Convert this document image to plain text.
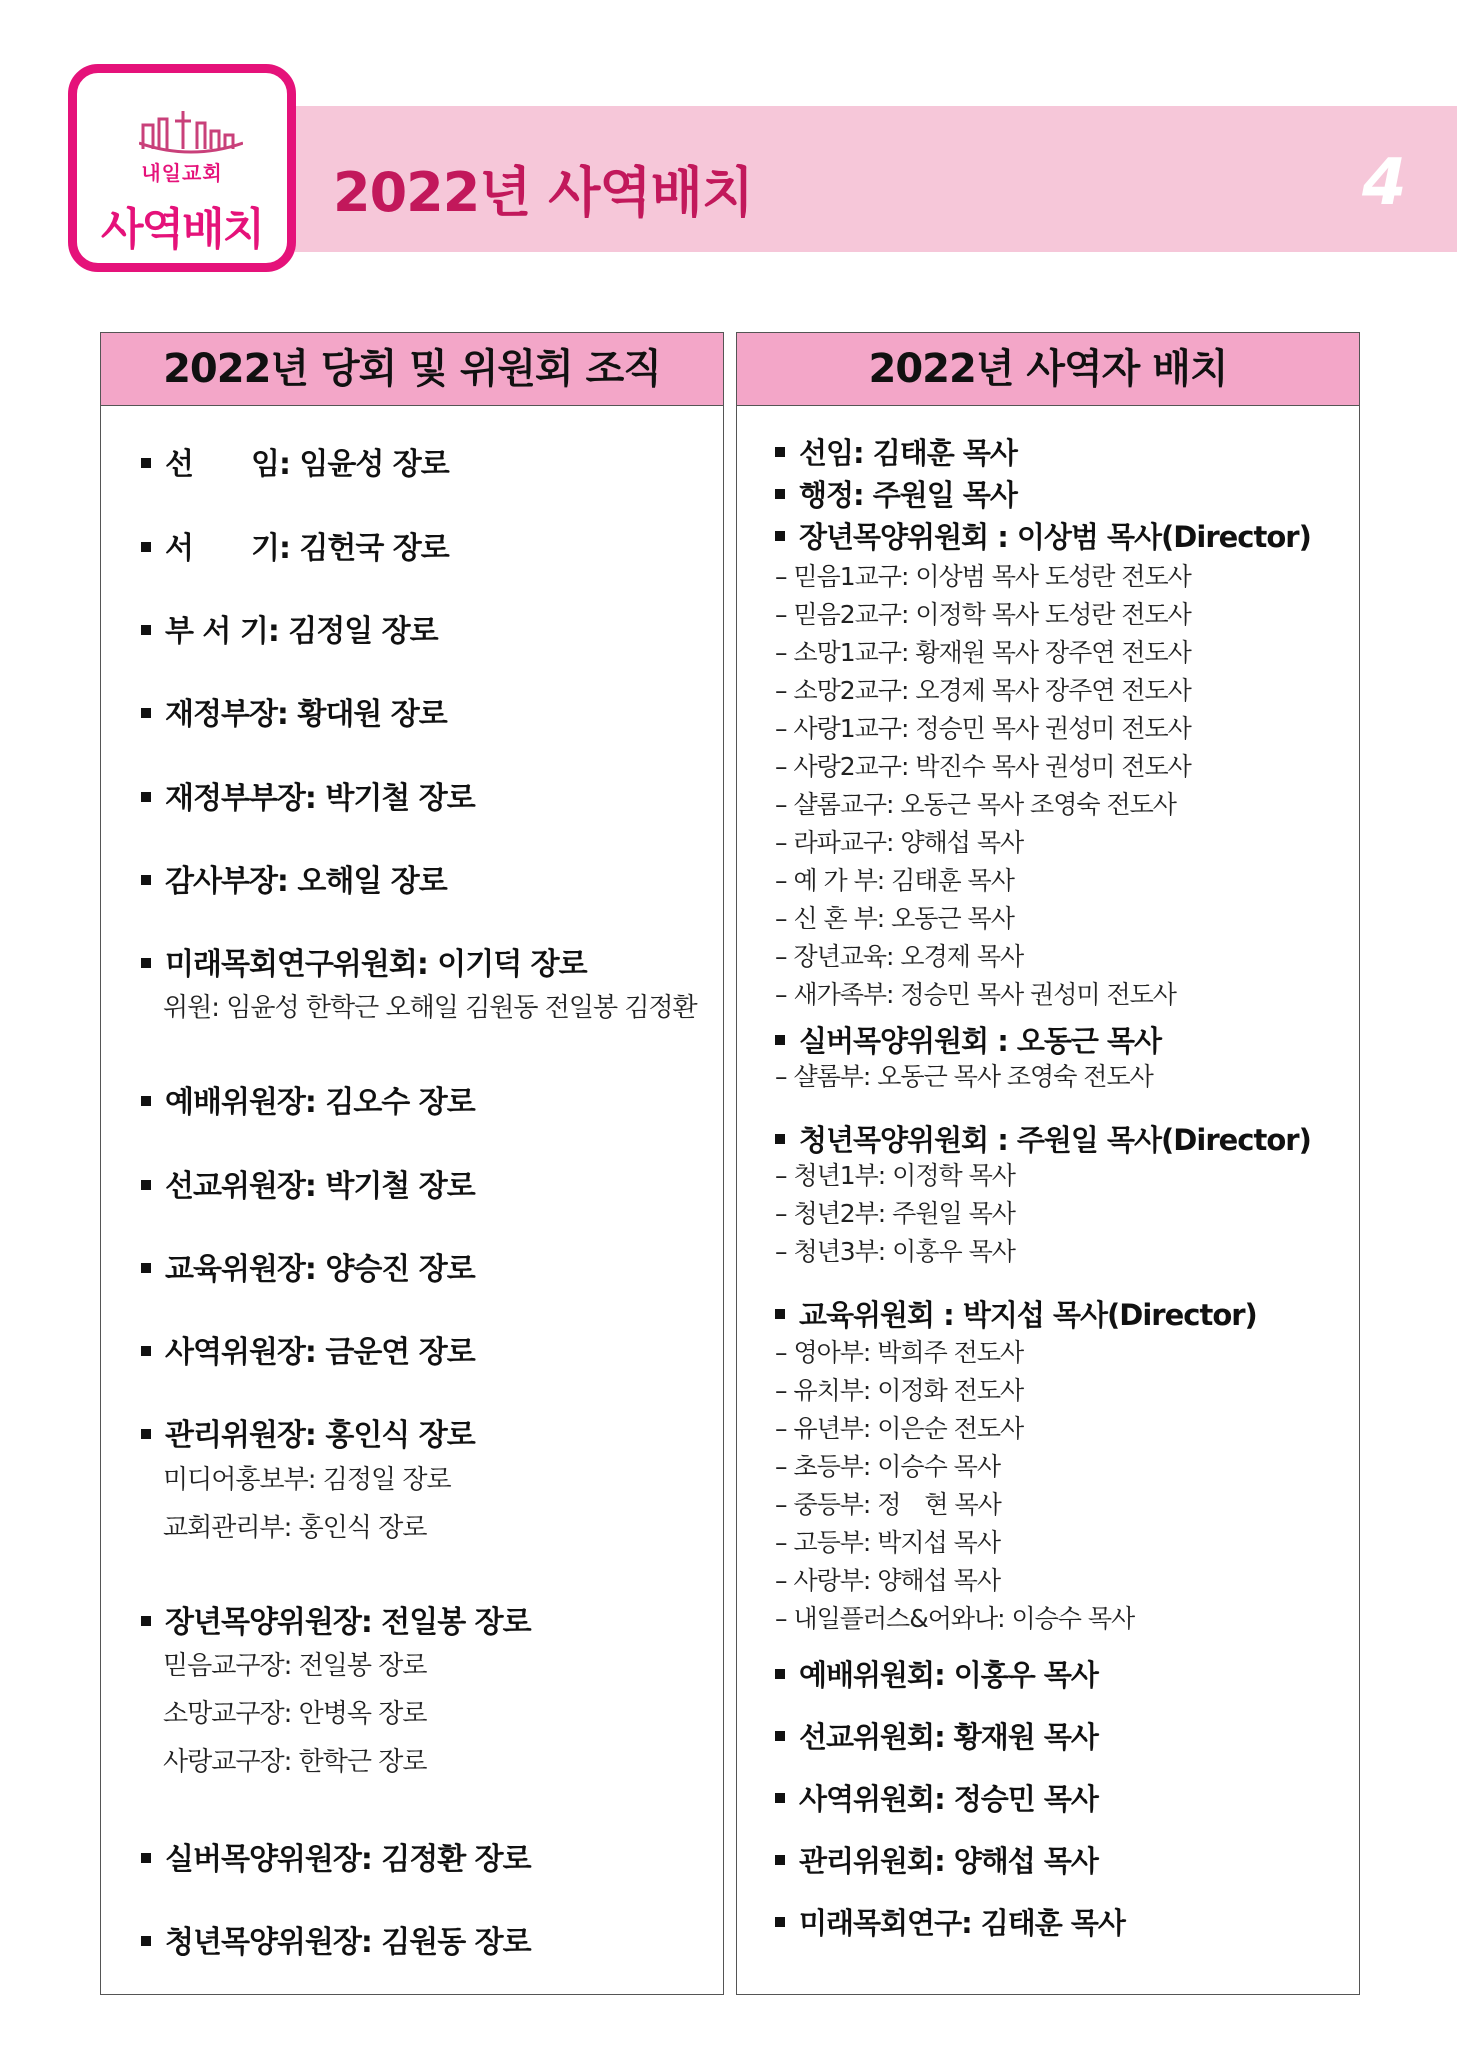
내일교회
사역배치
2022년 사역배치	4
2022년 당회 및 위원회 조직
선　　임: 임윤성 장로
서　　기: 김헌국 장로
부 서 기: 김정일 장로
재정부장: 황대원 장로
재정부부장: 박기철 장로
감사부장: 오해일 장로
미래목회연구위원회: 이기덕 장로
위원: 임윤성 한학근 오해일 김원동 전일봉 김정환
예배위원장: 김오수 장로
선교위원장: 박기철 장로
교육위원장: 양승진 장로
사역위원장: 금운연 장로
관리위원장: 홍인식 장로
미디어홍보부: 김정일 장로
교회관리부: 홍인식 장로
장년목양위원장: 전일봉 장로
믿음교구장: 전일봉 장로
소망교구장: 안병옥 장로
사랑교구장: 한학근 장로
실버목양위원장: 김정환 장로
청년목양위원장: 김원동 장로
2022년 사역자 배치
선임: 김태훈 목사
행정: 주원일 목사
장년목양위원회 : 이상범 목사(Director)
– 믿음1교구: 이상범 목사 도성란 전도사
– 믿음2교구: 이정학 목사 도성란 전도사
– 소망1교구: 황재원 목사 장주연 전도사
– 소망2교구: 오경제 목사 장주연 전도사
– 사랑1교구: 정승민 목사 권성미 전도사
– 사랑2교구: 박진수 목사 권성미 전도사
– 샬롬교구: 오동근 목사 조영숙 전도사
– 라파교구: 양해섭 목사
– 예 가 부: 김태훈 목사
– 신 혼 부: 오동근 목사
– 장년교육: 오경제 목사
– 새가족부: 정승민 목사 권성미 전도사
실버목양위원회 : 오동근 목사
– 샬롬부: 오동근 목사 조영숙 전도사
청년목양위원회 : 주원일 목사(Director)
– 청년1부: 이정학 목사
– 청년2부: 주원일 목사
– 청년3부: 이홍우 목사
교육위원회 : 박지섭 목사(Director)
– 영아부: 박희주 전도사
– 유치부: 이정화 전도사
– 유년부: 이은순 전도사
– 초등부: 이승수 목사
– 중등부: 정　현 목사
– 고등부: 박지섭 목사
– 사랑부: 양해섭 목사
– 내일플러스&어와나: 이승수 목사
예배위원회: 이홍우 목사
선교위원회: 황재원 목사
사역위원회: 정승민 목사
관리위원회: 양해섭 목사
미래목회연구: 김태훈 목사
